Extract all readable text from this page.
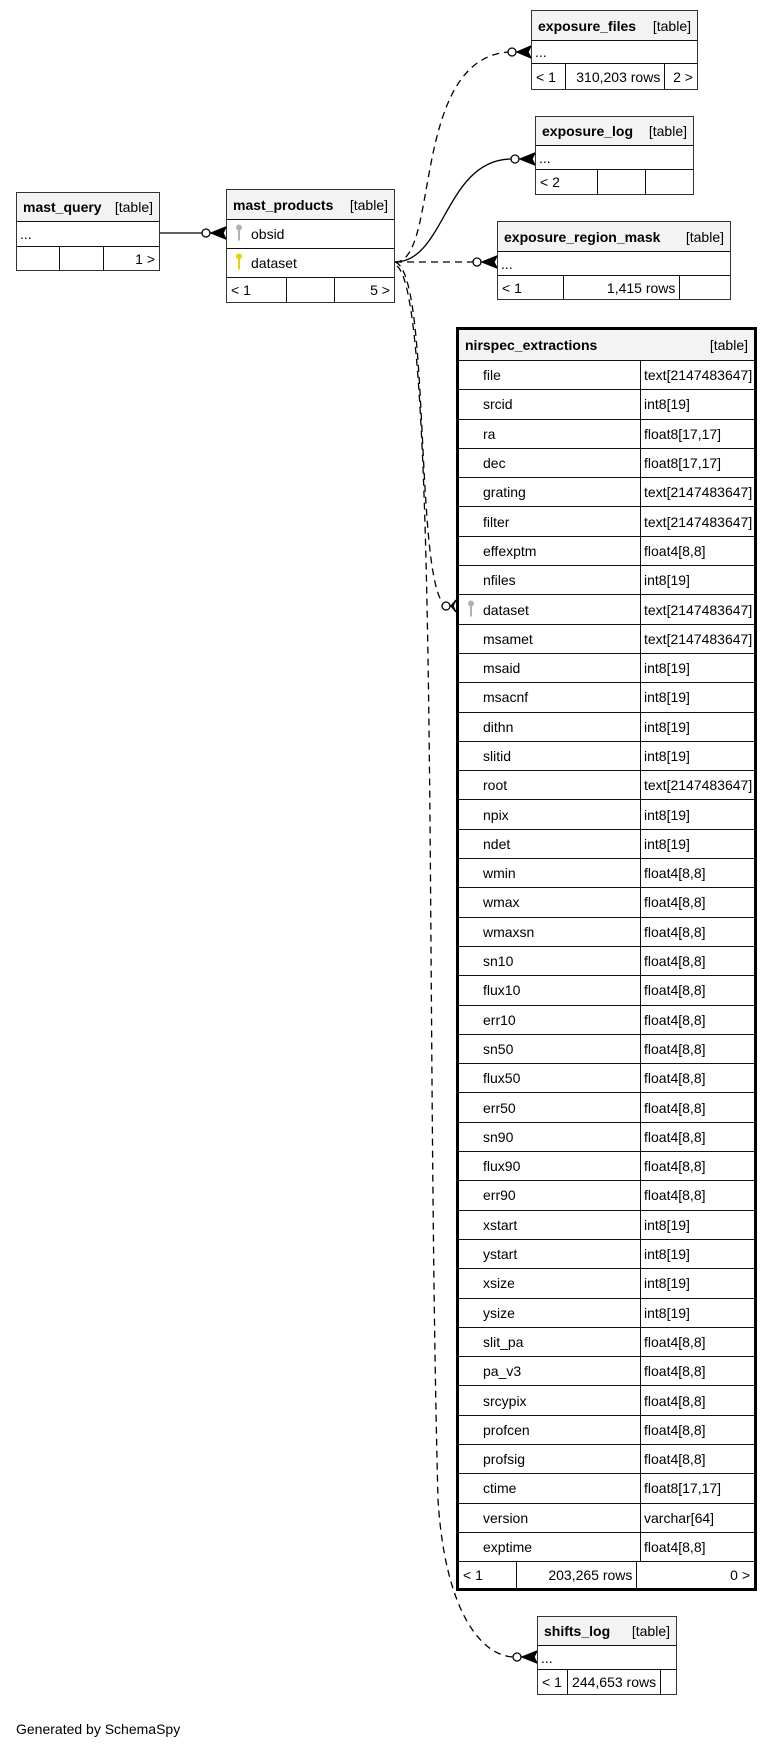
mast_query [table]
...
1 >
mast_products [table]
obsid
dataset
< 1	5 >
exposure_files [table]
...
< 1	310,203 rows 2 >
exposure_log [table]
...
< 2
exposure_region_mask [table]
...
< 1	1,415 rows
nirspec_extractions	[table]
file	text[2147483647]
srcid	int8[19]
ra	float8[17,17]
dec	float8[17,17]
grating	text[2147483647]
filter	text[2147483647]
effexptm	float4[8,8]
nfiles	int8[19]
dataset	text[2147483647]
msamet	text[2147483647]
msaid	int8[19]
msacnf	int8[19]
dithn	int8[19]
slitid	int8[19]
root	text[2147483647]
npix	int8[19]
ndet	int8[19]
wmin	float4[8,8]
wmax	float4[8,8]
wmaxsn	float4[8,8]
sn10	float4[8,8]
flux10	float4[8,8]
err10	float4[8,8]
sn50	float4[8,8]
flux50	float4[8,8]
err50	float4[8,8]
sn90	float4[8,8]
flux90	float4[8,8]
err90	float4[8,8]
xstart	int8[19]
ystart	int8[19]
xsize	int8[19]
ysize	int8[19]
slit_pa	float4[8,8]
pa_v3	float4[8,8]
srcypix	float4[8,8]
profcen	float4[8,8]
profsig	float4[8,8]
ctime	float8[17,17]
version	varchar[64]
exptime	float4[8,8]
< 1	203,265 rows	0 >
shifts_log [table]
...
< 1 244,653 rows
Generated by SchemaSpy
